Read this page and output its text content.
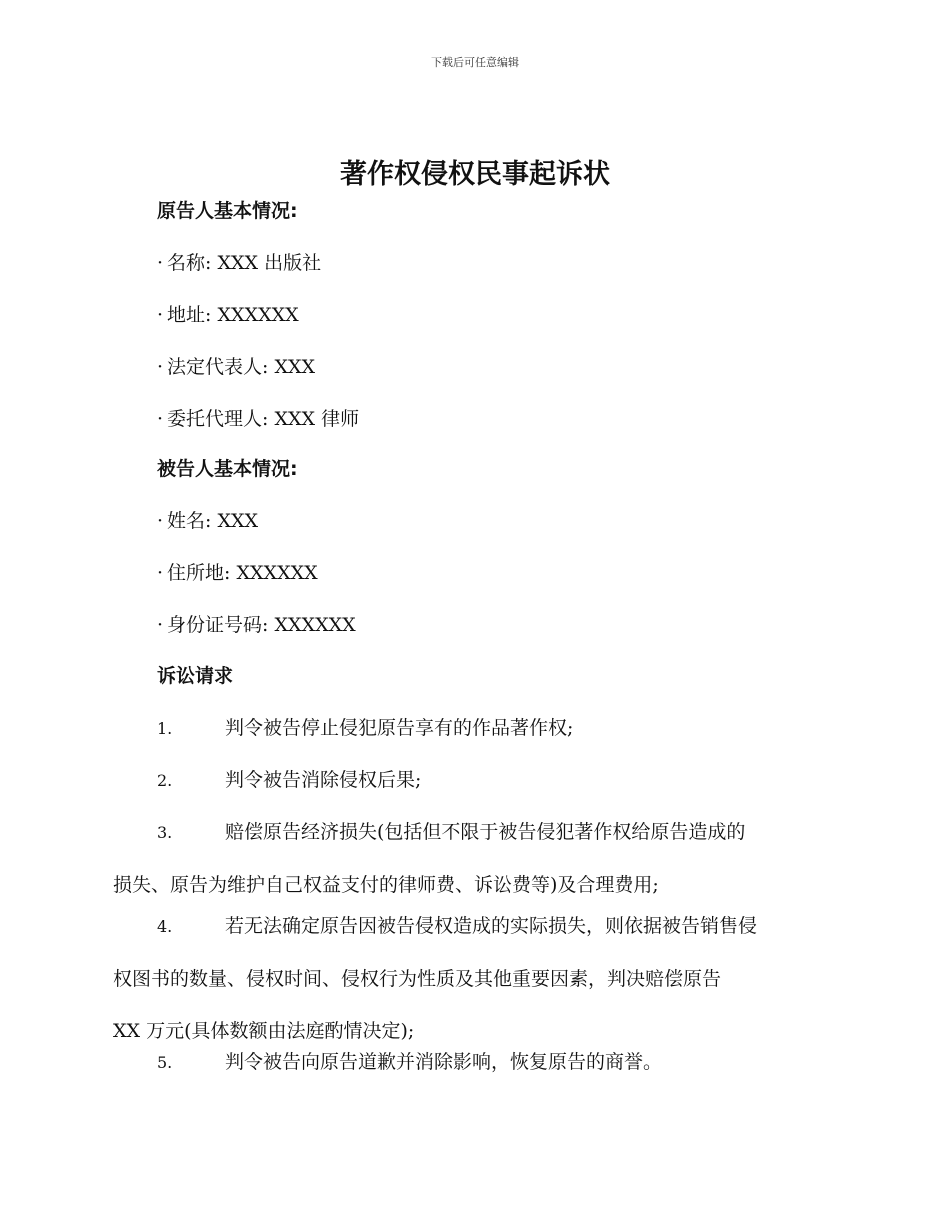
下载后可任意编辑
著作权侵权民事起诉状
原告人基本情况:
· 名称: XXX 出版社
· 地址: XXXXXX
· 法定代表人: XXX
· 委托代理人: XXX 律师
被告人基本情况:
· 姓名: XXX
· 住所地: XXXXXX
· 身份证号码: XXXXXX
诉讼请求
1.	判令被告停止侵犯原告享有的作品著作权;
2.	判令被告消除侵权后果;
3.	赔偿原告经济损失(包括但不限于被告侵犯著作权给原告造成的
损失、原告为维护自己权益支付的律师费、诉讼费等)及合理费用;
4.	若无法确定原告因被告侵权造成的实际损失，则依据被告销售侵
权图书的数量、侵权时间、侵权行为性质及其他重要因素，判决赔偿原告
XX 万元(具体数额由法庭酌情决定);
5.	判令被告向原告道歉并消除影响，恢复原告的商誉。
